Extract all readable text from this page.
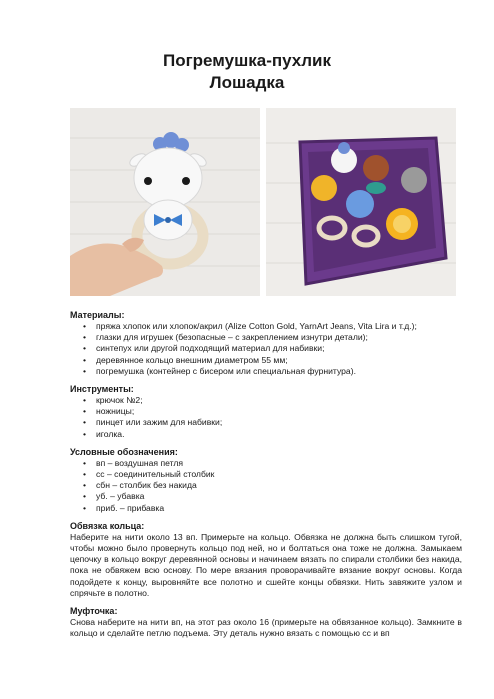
Погремушка-пухлик
Лошадка
Материалы:
• пряжа хлопок или хлопок/акрил (Alize Cotton Gold, YarnArt Jeans, Vita Lira и т.д.);
• глазки для игрушек (безопасные – с закреплением изнутри детали);
• синтепух или другой подходящий материал для набивки;
• деревянное кольцо внешним диаметром 55 мм;
• погремушка (контейнер с бисером или специальная фурнитура).
Инструменты:
• крючок №2;
• ножницы;
• пинцет или зажим для набивки;
• иголка.
Условные обозначения:
• вп – воздушная петля
• сс – соединительный столбик
• сбн – столбик без накида
• уб. – убавка
• приб. – прибавка
Обвязка кольца:

Наберите на нити около 13 вп. Примерьте на кольцо. Обвязка не должна быть слишком тугой, чтобы можно было провернуть кольцо под ней, но и болтаться она тоже не должна. Замыкаем цепочку в кольцо вокруг деревянной основы и начинаем вязать по спирали столбики без накида, пока не обвяжем всю основу. По мере вязания проворачивайте вязание вокруг основы. Когда подойдете к концу, выровняйте все полотно и сшейте концы обвязки. Нить завяжите узлом и спрячьте в полотно.

Муфточка:

Снова наберите на нити вп, на этот раз около 16 (примерьте на обвязанное кольцо). Замкните в кольцо и сделайте петлю подъема. Эту деталь нужно вязать с помощью сс и вп
